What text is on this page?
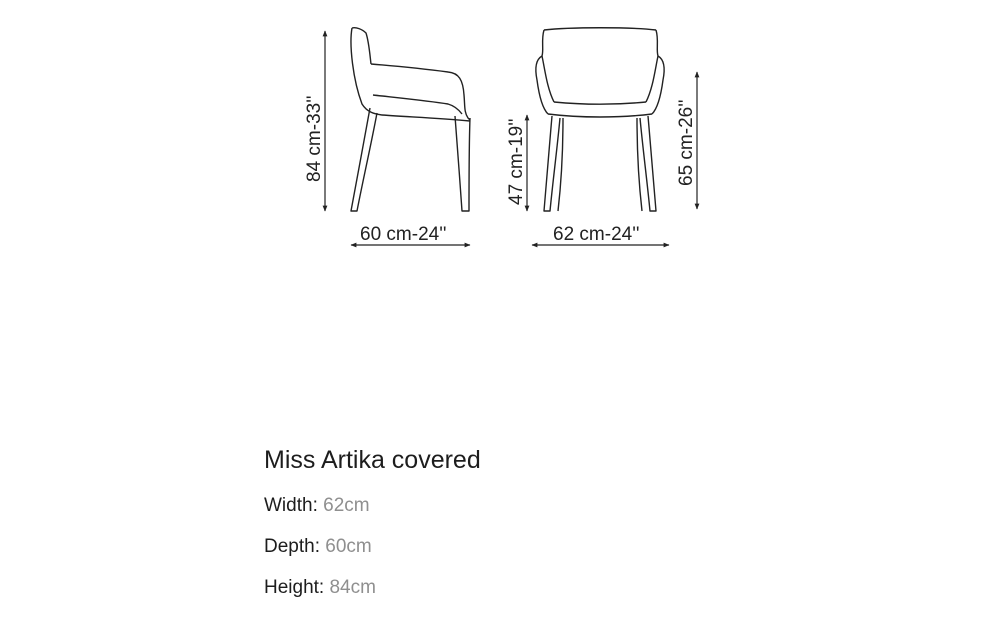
84 cm-33''
60 cm-24''
47 cm-19''	65 cm-26''
62 cm-24''
Miss Artika covered
Width: 62cm
Depth: 60cm
Height: 84cm
